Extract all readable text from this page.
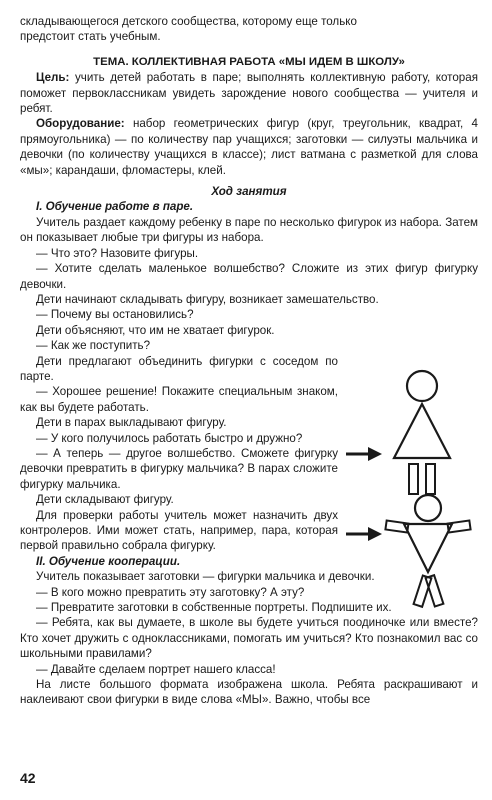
складывающегося детского сообщества, которому еще только

предстоит стать учебным.

ТЕМА. КОЛЛЕКТИВНАЯ РАБОТА «МЫ ИДЕМ В ШКОЛУ»

Цель: учить детей работать в паре; выполнять коллективную работу, которая поможет первоклассникам увидеть зарождение нового сообщества — учителя и ребят.

Оборудование: набор геометрических фигур (круг, треугольник, квадрат, 4 прямоугольника) — по количеству пар учащихся; заготовки — силуэты мальчика и девочки (по количеству учащихся в классе); лист ватмана с разметкой для слова «мы»; карандаши, фломастеры, клей.

Ход занятия

I. Обучение работе в паре.

Учитель раздает каждому ребенку в паре по несколько фигурок из набора. Затем он показывает любые три фигуры из набора.

— Что это? Назовите фигуры.

— Хотите сделать маленькое волшебство? Сложите из этих фигур фигурку девочки.

Дети начинают складывать фигуру, возникает замешательство.

— Почему вы остановились?

Дети объясняют, что им не хватает фигурок.

— Как же поступить?

Дети предлагают объединить фигурки с соседом по парте.

— Хорошее решение! Покажите специальным знаком, как вы будете работать.

Дети в парах выкладывают фигуру.

— У кого получилось работать быстро и дружно?

— А теперь — другое волшебство. Сможете фигурку девочки превратить в фигурку мальчика? В парах сложите фигурку мальчика.

Дети складывают фигуру.

Для проверки работы учитель может назначить двух контролеров. Ими может стать, например, пара, которая первой правильно собрала фигурку.

II. Обучение кооперации.

Учитель показывает заготовки — фигурки мальчика и девочки.

— В кого можно превратить эту заготовку? А эту?

— Превратите заготовки в собственные портреты. Подпишите их.

— Ребята, как вы думаете, в школе вы будете учиться поодиночке или вместе? Кто хочет дружить с одноклассниками, помогать им учиться? Кто познакомил вас со школьными правилами?

— Давайте сделаем портрет нашего класса!

На листе большого формата изображена школа. Ребята раскрашивают и наклеивают свои фигурки в виде слова «МЫ». Важно, чтобы все

42
